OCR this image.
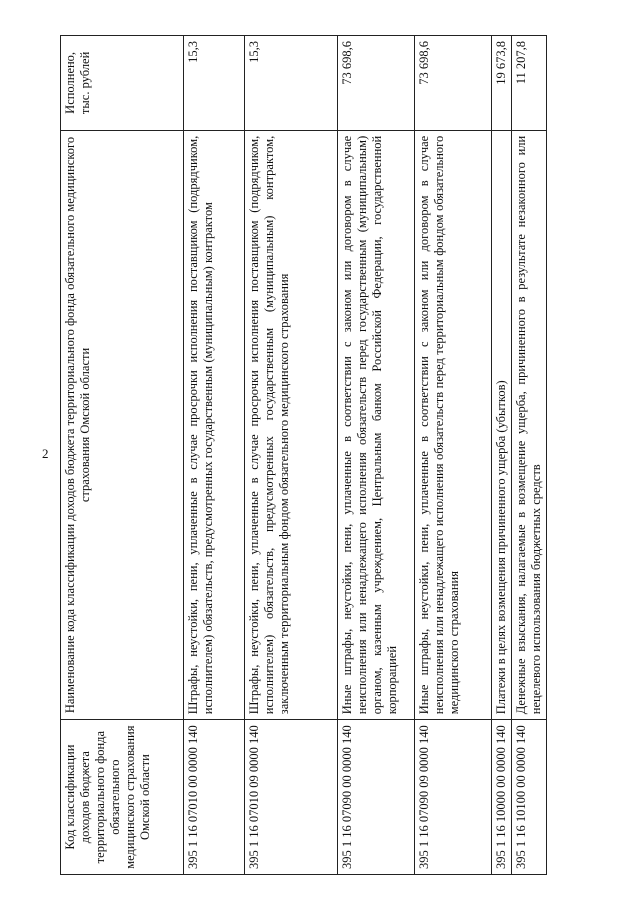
2
Код классификации доходов бюджета территориального фонда обязательного медицинского страхования Омской области	Наименование кода классификации доходов бюджета территориального фонда обязательного медицинского страхования Омской области	Исполнено, тыс. рублей
395 1 16 07010 00 0000 140	Штрафы, неустойки, пени, уплаченные в случае просрочки исполнения поставщиком (подрядчиком, исполнителем) обязательств, предусмотренных государственным (муниципальным) контрактом	15,3
395 1 16 07010 09 0000 140	Штрафы, неустойки, пени, уплаченные в случае просрочки исполнения поставщиком (подрядчиком, исполнителем) обязательств, предусмотренных государственным (муниципальным) контрактом, заключенным территориальным фондом обязательного медицинского страхования	15,3
395 1 16 07090 00 0000 140	Иные штрафы, неустойки, пени, уплаченные в соответствии с законом или договором в случае неисполнения или ненадлежащего исполнения обязательств перед государственным (муниципальным) органом, казенным учреждением, Центральным банком Российской Федерации, государственной корпорацией	73 698,6
395 1 16 07090 09 0000 140	Иные штрафы, неустойки, пени, уплаченные в соответствии с законом или договором в случае неисполнения или ненадлежащего исполнения обязательств перед территориальным фондом обязательного медицинского страхования	73 698,6
395 1 16 10000 00 0000 140	Платежи в целях возмещения причиненного ущерба (убытков)	19 673,8
395 1 16 10100 00 0000 140	Денежные взыскания, налагаемые в возмещение ущерба, причиненного в результате незаконного или нецелевого использования бюджетных средств	11 207,8
